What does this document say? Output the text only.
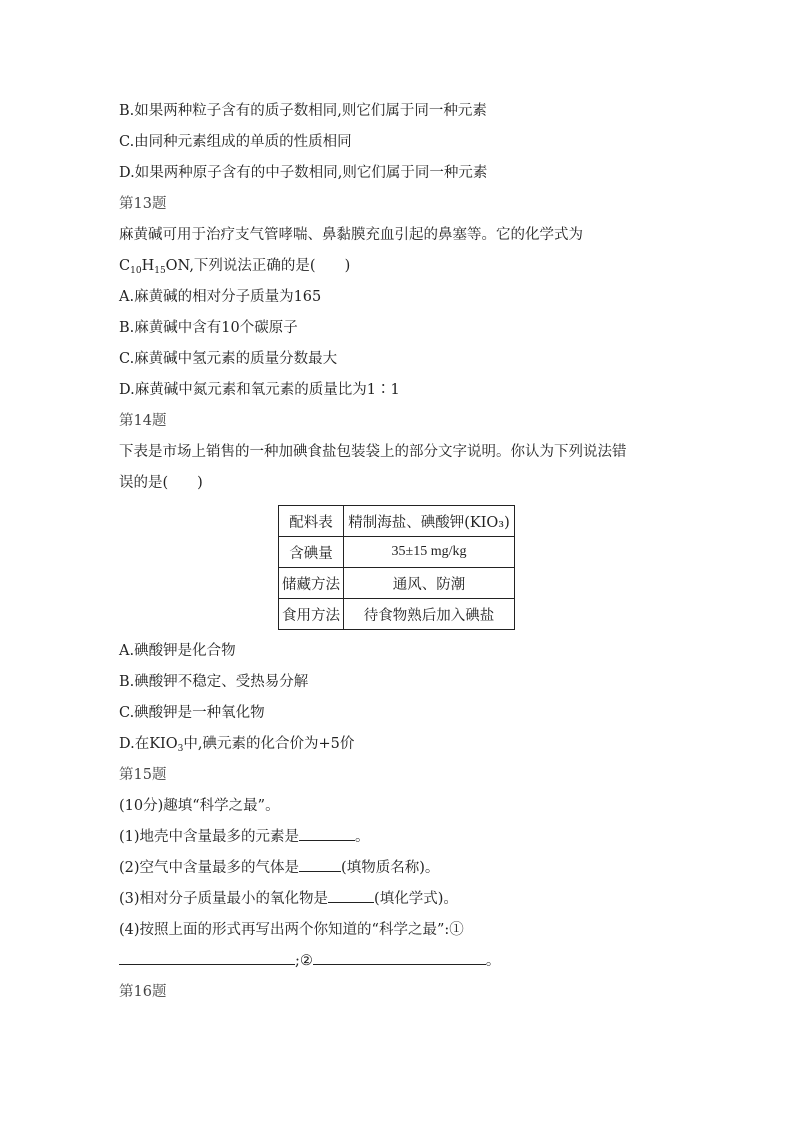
B.如果两种粒子含有的质子数相同,则它们属于同一种元素
C.由同种元素组成的单质的性质相同
D.如果两种原子含有的中子数相同,则它们属于同一种元素
第13题
麻黄碱可用于治疗支气管哮喘、鼻黏膜充血引起的鼻塞等。它的化学式为
$C_{10}H_{15}ON$,下列说法正确的是(　　)
A.麻黄碱的相对分子质量为165
B.麻黄碱中含有10个碳原子
C.麻黄碱中氢元素的质量分数最大
D.麻黄碱中氮元素和氧元素的质量比为1∶1
第14题
下表是市场上销售的一种加碘食盐包装袋上的部分文字说明。你认为下列说法错
误的是(　　)
配料表	精制海盐、碘酸钾(KIO₃)
含碘量	35±15 mg/kg
储藏方法	通风、防潮
食用方法	待食物熟后加入碘盐
A.碘酸钾是化合物
B.碘酸钾不稳定、受热易分解
C.碘酸钾是一种氧化物
D.在$KIO_3$中,碘元素的化合价为+5价
第15题
(10分)趣填“科学之最”。
(1)地壳中含量最多的元素是	。
(2)空气中含量最多的气体是	(填物质名称)。
(3)相对分子质量最小的氧化物是	(填化学式)。
(4)按照上面的形式再写出两个你知道的“科学之最”:①
;②	。
第16题
